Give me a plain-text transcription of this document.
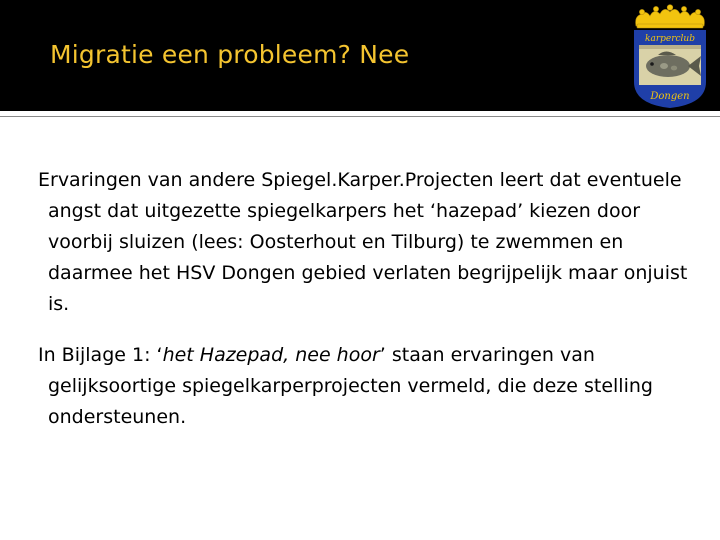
Migratie een probleem? Nee
karperclub
Dongen

Ervaringen van andere Spiegel.Karper.Projecten leert dat eventuele angst dat uitgezette spiegelkarpers het ‘hazepad’ kiezen door voorbij sluizen (lees: Oosterhout en Tilburg) te zwemmen en daarmee het HSV Dongen gebied verlaten begrijpelijk maar onjuist is.

In Bijlage 1: ‘het Hazepad, nee hoor’ staan ervaringen van gelijksoortige spiegelkarperprojecten vermeld, die deze stelling ondersteunen.
